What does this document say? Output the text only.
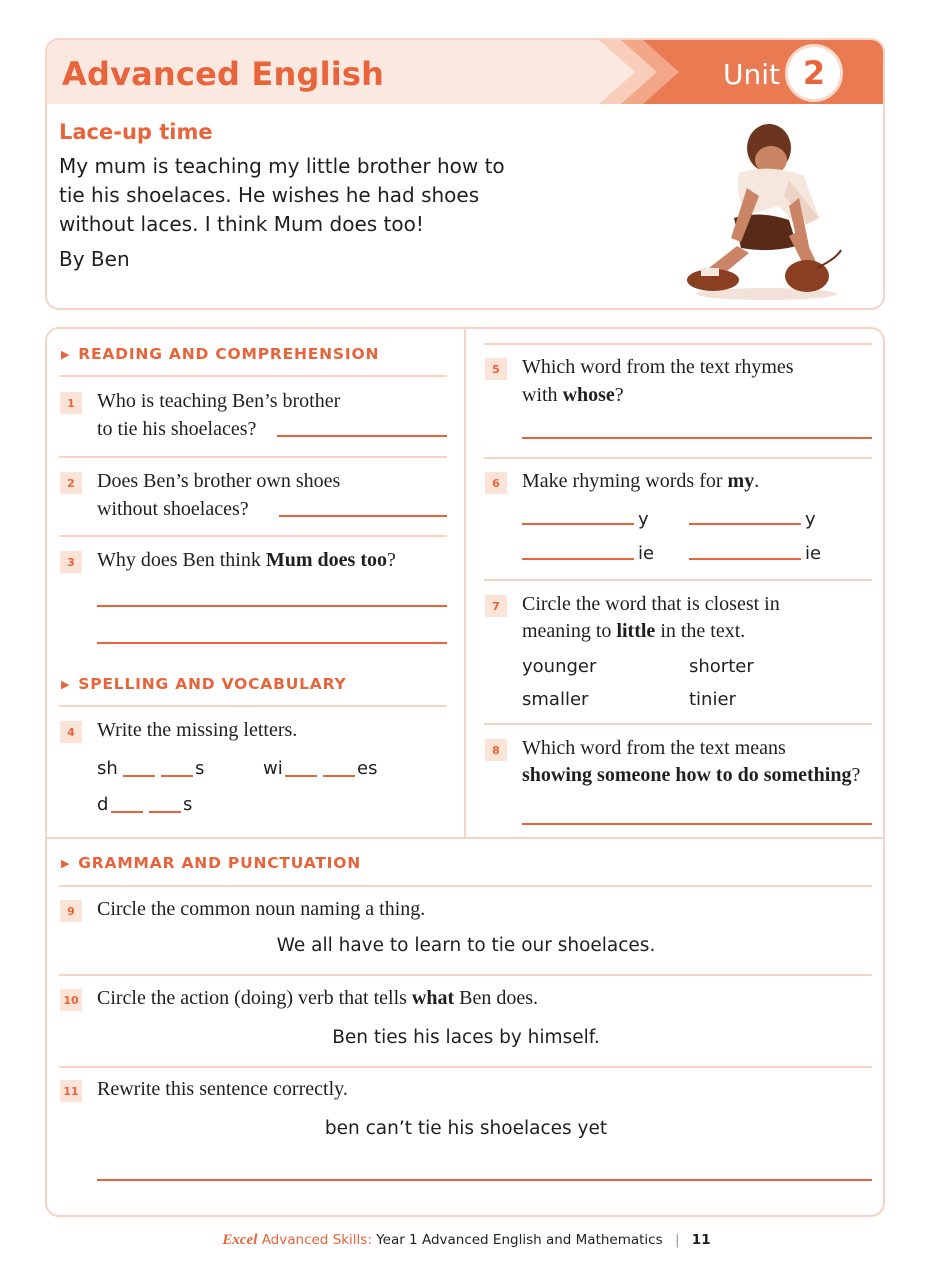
Advanced English	Unit 2
Lace-up time
My mum is teaching my little brother how to tie his shoelaces. He wishes he had shoes without laces. I think Mum does too!
By Ben
▶ READING AND COMPREHENSION
1	Who is teaching Ben’s brother
to tie his shoelaces?
2	Does Ben’s brother own shoes
without shoelaces?
3	Why does Ben think Mum does too?
▶ SPELLING AND VOCABULARY
4	Write the missing letters.
sh	s	wi	es
d	s
5	Which word from the text rhymes
with whose?
6	Make rhyming words for my.
y	y
ie	ie
7	Circle the word that is closest in
meaning to little in the text.
younger	shorter
smaller	tinier
8	Which word from the text means
showing someone how to do something?
▶ GRAMMAR AND PUNCTUATION
9	Circle the common noun naming a thing.
We all have to learn to tie our shoelaces.
10 Circle the action (doing) verb that tells what Ben does.
Ben ties his laces by himself.
11 Rewrite this sentence correctly.
ben can’t tie his shoelaces yet
Excel Advanced Skills: Year 1 Advanced English and Mathematics | 11
